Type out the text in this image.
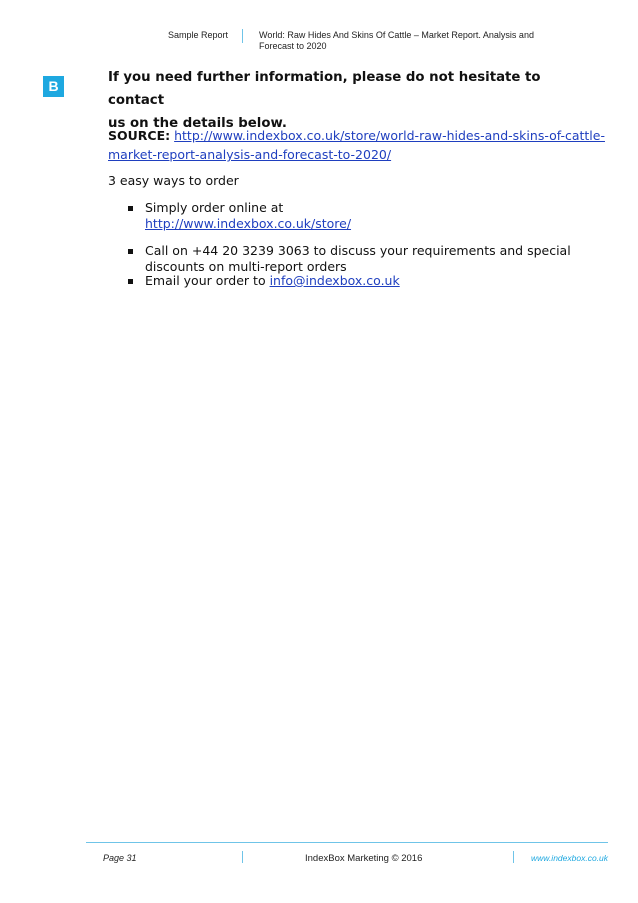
Sample Report	World: Raw Hides And Skins Of Cattle – Market Report. Analysis and
Forecast to 2020
B
If you need further information, please do not hesitate to contact
us on the details below.
SOURCE: http://www.indexbox.co.uk/store/world-raw-hides-and-skins-of-cattle-
market-report-analysis-and-forecast-to-2020/
3 easy ways to order
Simply order online at
http://www.indexbox.co.uk/store/
Call on +44 20 3239 3063 to discuss your requirements and special
discounts on multi-report orders
Email your order to info@indexbox.co.uk
Page 31	IndexBox Marketing © 2016	www.indexbox.co.uk
